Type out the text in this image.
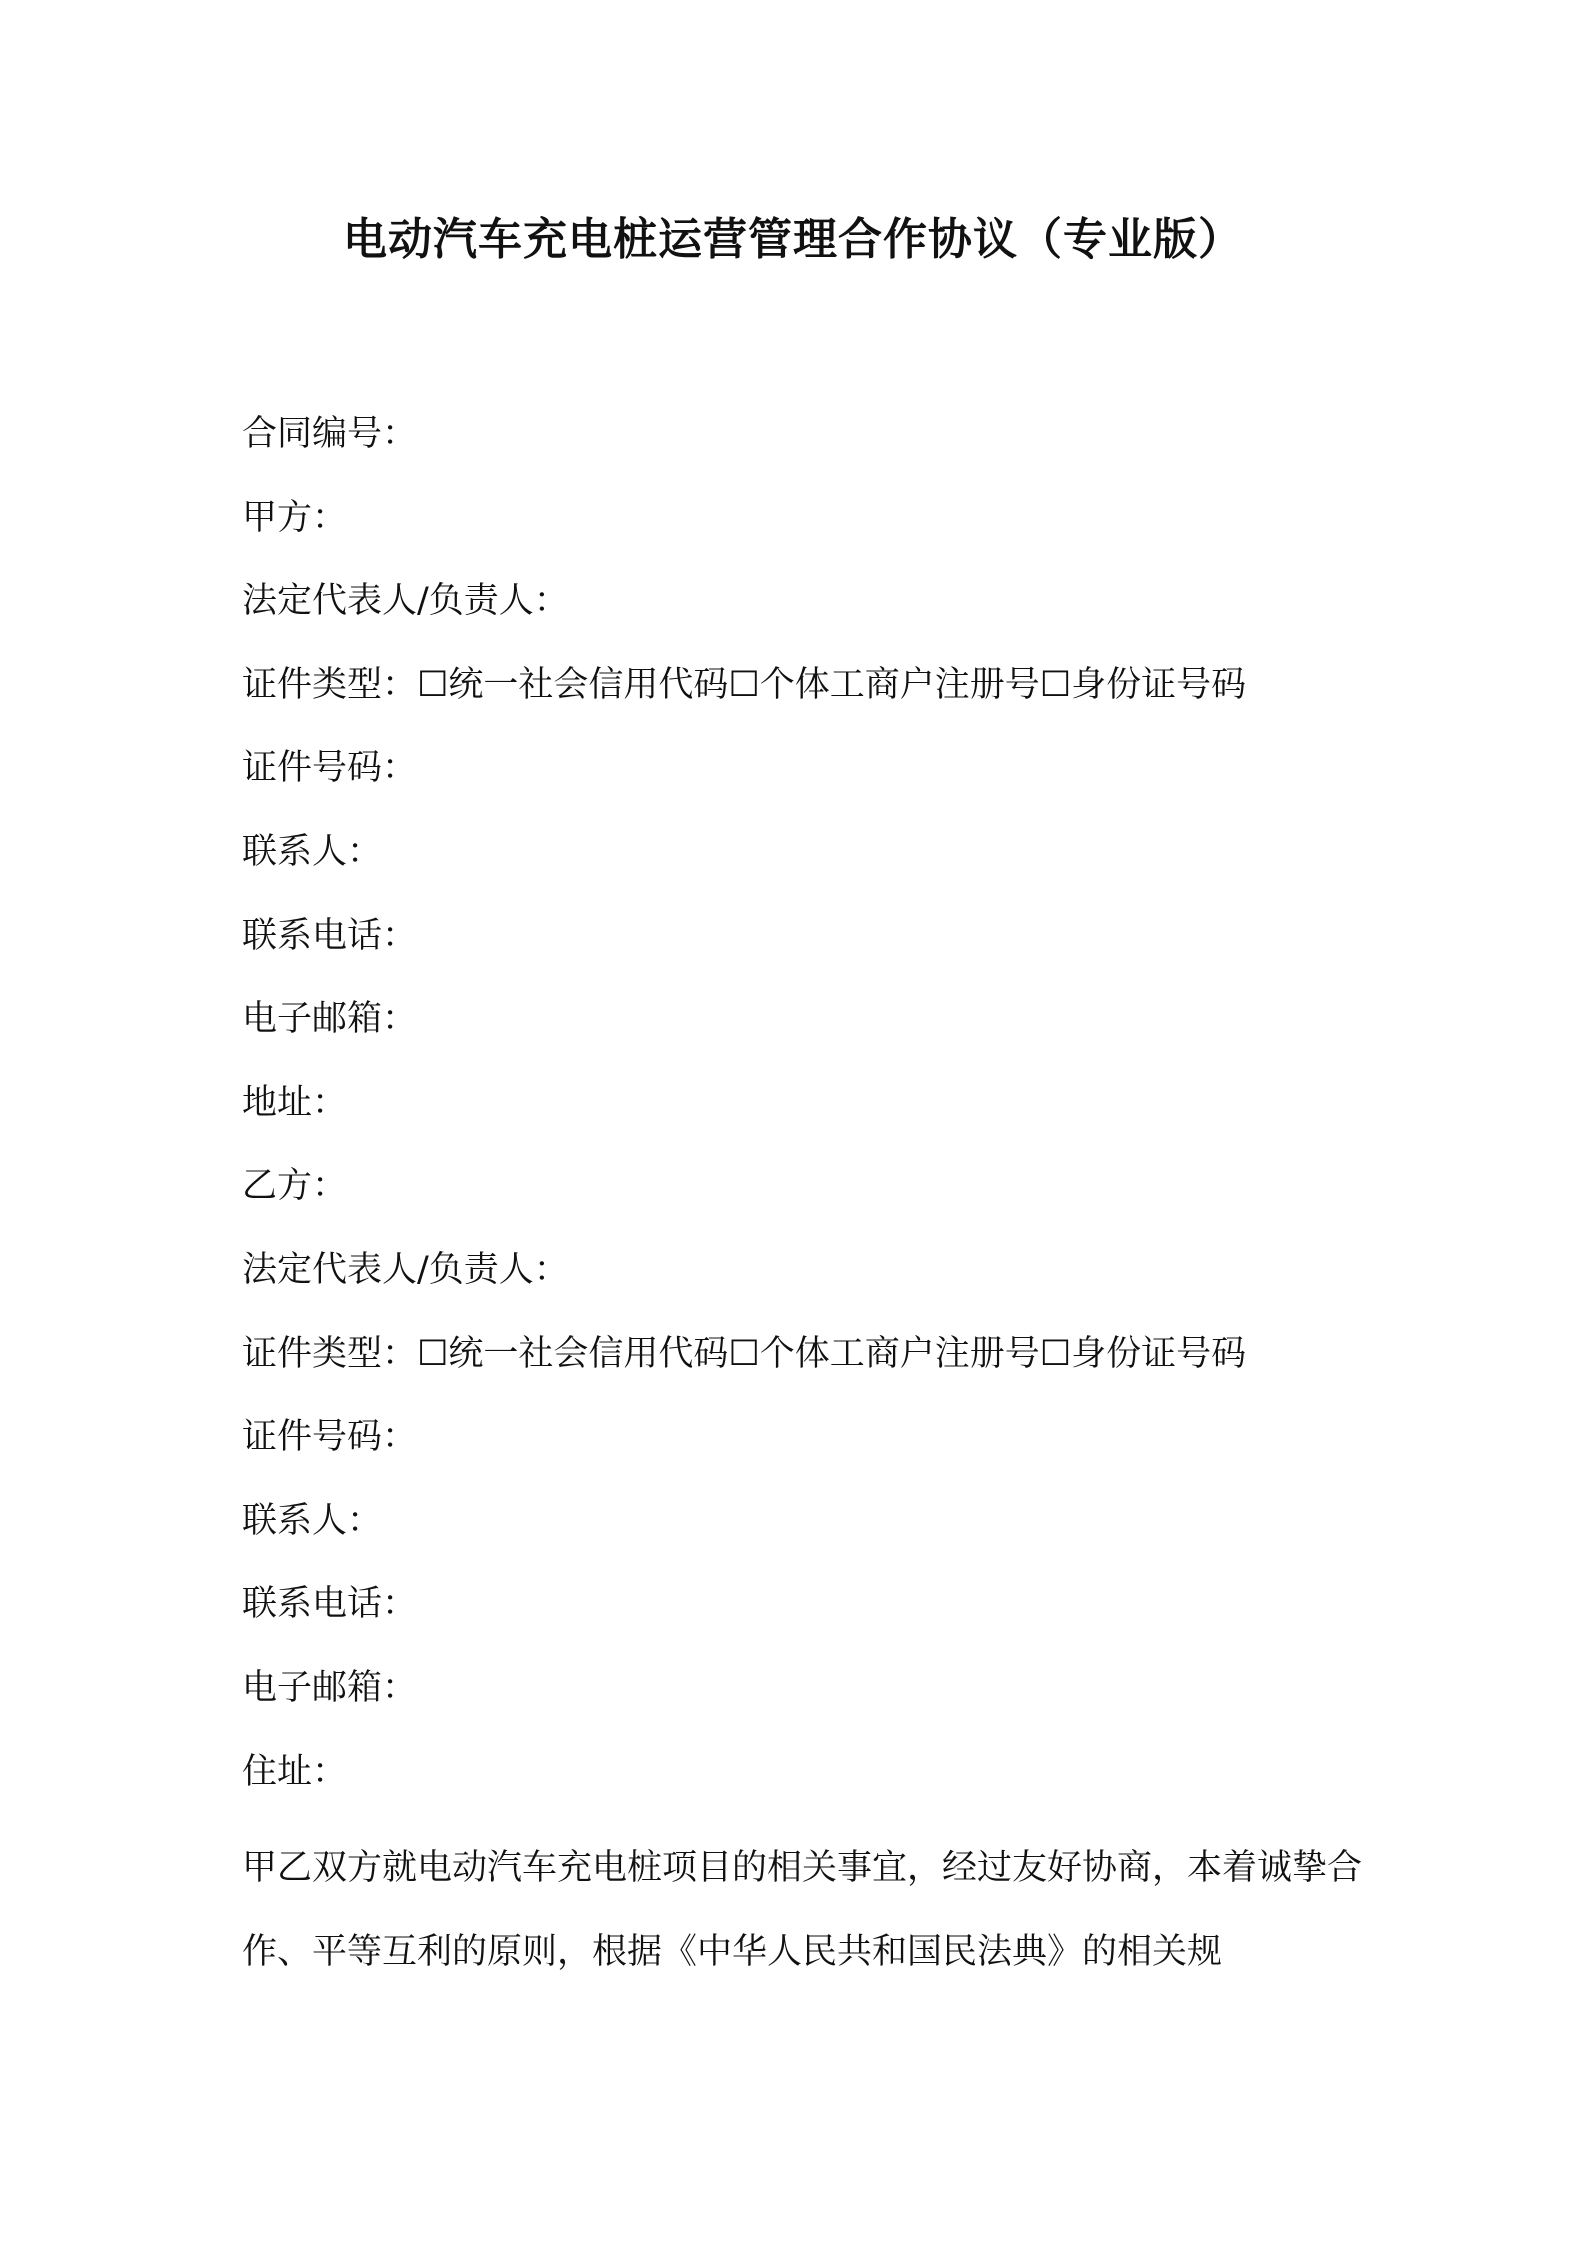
电动汽车充电桩运营管理合作协议（专业版）
合同编号：
甲方：
法定代表人/负责人：
证件类型：☐统一社会信用代码☐个体工商户注册号☐身份证号码
证件号码：
联系人：
联系电话：
电子邮箱：
地址：
乙方：
法定代表人/负责人：
证件类型：☐统一社会信用代码☐个体工商户注册号☐身份证号码
证件号码：
联系人：
联系电话：
电子邮箱：
住址：

甲乙双方就电动汽车充电桩项目的相关事宜，经过友好协商，本着诚挚合作、平等互利的原则，根据《中华人民共和国民法典》的相关规
